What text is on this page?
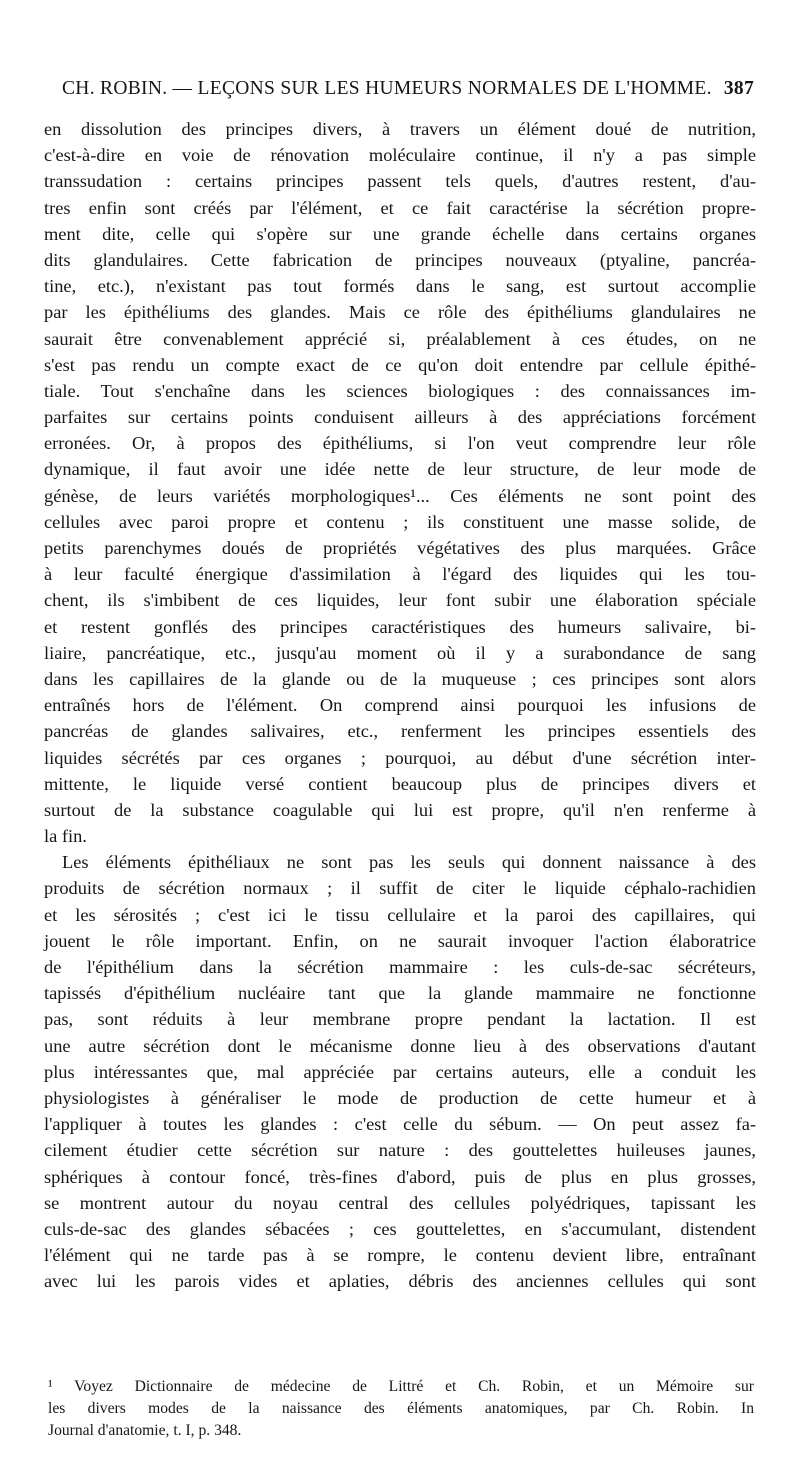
CH. ROBIN. — LEÇONS SUR LES HUMEURS NORMALES DE L'HOMME. 387
en dissolution des principes divers, à travers un élément doué de nutrition,
c'est-à-dire en voie de rénovation moléculaire continue, il n'y a pas simple
transsudation : certains principes passent tels quels, d'autres restent, d'au-
tres enfin sont créés par l'élément, et ce fait caractérise la sécrétion propre-
ment dite, celle qui s'opère sur une grande échelle dans certains organes
dits glandulaires. Cette fabrication de principes nouveaux (ptyaline, pancréa-
tine, etc.), n'existant pas tout formés dans le sang, est surtout accomplie
par les épithéliums des glandes. Mais ce rôle des épithéliums glandulaires ne
saurait être convenablement apprécié si, préalablement à ces études, on ne
s'est pas rendu un compte exact de ce qu'on doit entendre par cellule épithé-
tiale. Tout s'enchaîne dans les sciences biologiques : des connaissances im-
parfaites sur certains points conduisent ailleurs à des appréciations forcément
erronées. Or, à propos des épithéliums, si l'on veut comprendre leur rôle
dynamique, il faut avoir une idée nette de leur structure, de leur mode de
génèse, de leurs variétés morphologiques¹... Ces éléments ne sont point des
cellules avec paroi propre et contenu ; ils constituent une masse solide, de
petits parenchymes doués de propriétés végétatives des plus marquées. Grâce
à leur faculté énergique d'assimilation à l'égard des liquides qui les tou-
chent, ils s'imbibent de ces liquides, leur font subir une élaboration spéciale
et restent gonflés des principes caractéristiques des humeurs salivaire, bi-
liaire, pancréatique, etc., jusqu'au moment où il y a surabondance de sang
dans les capillaires de la glande ou de la muqueuse ; ces principes sont alors
entraînés hors de l'élément. On comprend ainsi pourquoi les infusions de
pancréas de glandes salivaires, etc., renferment les principes essentiels des
liquides sécrétés par ces organes ; pourquoi, au début d'une sécrétion inter-
mittente, le liquide versé contient beaucoup plus de principes divers et
surtout de la substance coagulable qui lui est propre, qu'il n'en renferme à
la fin.
Les éléments épithéliaux ne sont pas les seuls qui donnent naissance à des
produits de sécrétion normaux ; il suffit de citer le liquide céphalo-rachidien
et les sérosités ; c'est ici le tissu cellulaire et la paroi des capillaires, qui
jouent le rôle important. Enfin, on ne saurait invoquer l'action élaboratrice
de l'épithélium dans la sécrétion mammaire : les culs-de-sac sécréteurs,
tapissés d'épithélium nucléaire tant que la glande mammaire ne fonctionne
pas, sont réduits à leur membrane propre pendant la lactation. Il est
une autre sécrétion dont le mécanisme donne lieu à des observations d'autant
plus intéressantes que, mal appréciée par certains auteurs, elle a conduit les
physiologistes à généraliser le mode de production de cette humeur et à
l'appliquer à toutes les glandes : c'est celle du sébum. — On peut assez fa-
cilement étudier cette sécrétion sur nature : des gouttelettes huileuses jaunes,
sphériques à contour foncé, très-fines d'abord, puis de plus en plus grosses,
se montrent autour du noyau central des cellules polyédriques, tapissant les
culs-de-sac des glandes sébacées ; ces gouttelettes, en s'accumulant, distendent
l'élément qui ne tarde pas à se rompre, le contenu devient libre, entraînant
avec lui les parois vides et aplaties, débris des anciennes cellules qui sont
¹ Voyez Dictionnaire de médecine de Littré et Ch. Robin, et un Mémoire sur
les divers modes de la naissance des éléments anatomiques, par Ch. Robin. In
Journal d'anatomie, t. I, p. 348.
